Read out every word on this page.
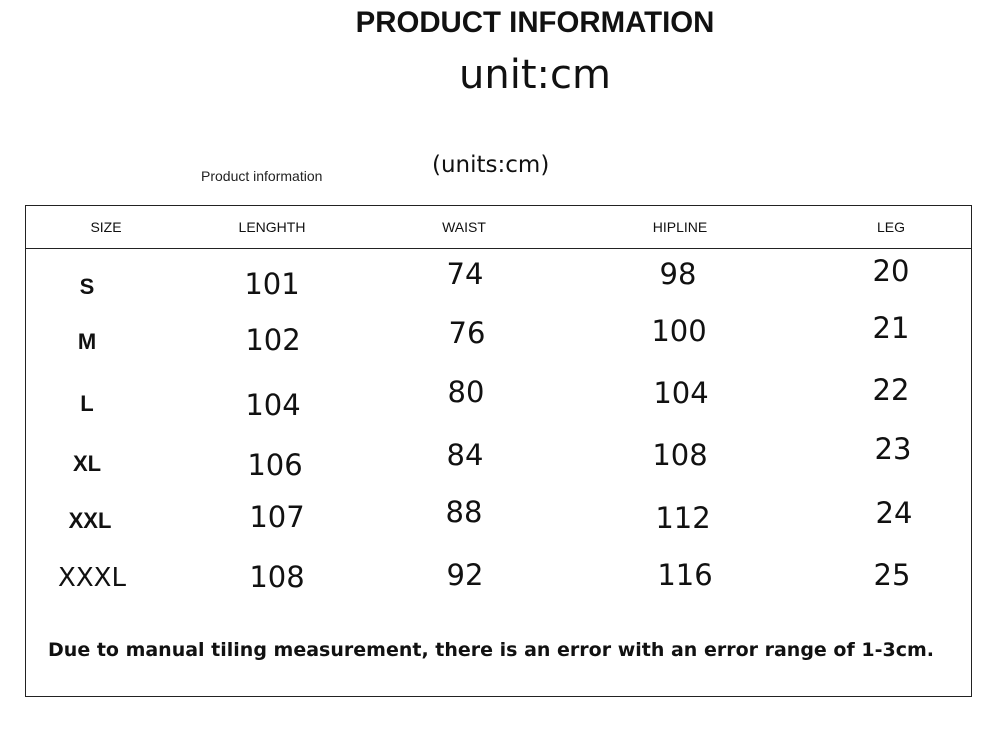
PRODUCT INFORMATION
unit:cm
Product information	(units:cm)
SIZE	LENGHTH	WAIST	HIPLINE	LEG
S	101	74	98	20
M	102	76	100	21
L	104	80	104	22
XL	106	84	108	23
XXL	107	88	112	24
XXXL	108	92	116	25
Due to manual tiling measurement, there is an error with an error range of 1-3cm.
